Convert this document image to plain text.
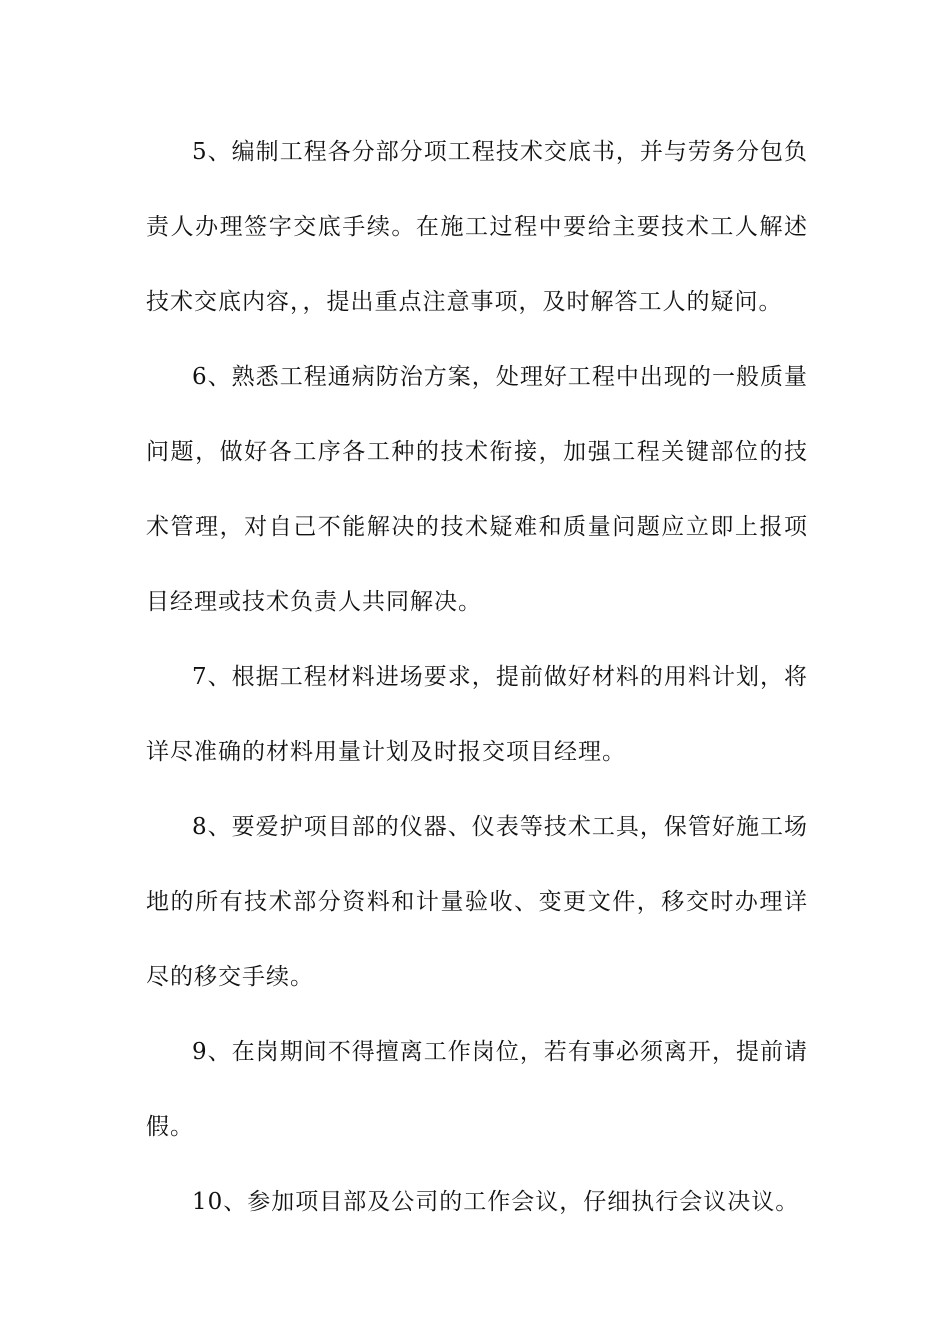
5、编制工程各分部分项工程技术交底书，并与劳务分包负责人办理签字交底手续。在施工过程中要给主要技术工人解述技术交底内容，，提出重点注意事项，及时解答工人的疑问。

6、熟悉工程通病防治方案，处理好工程中出现的一般质量问题，做好各工序各工种的技术衔接，加强工程关键部位的技术管理，对自己不能解决的技术疑难和质量问题应立即上报项目经理或技术负责人共同解决。

7、根据工程材料进场要求，提前做好材料的用料计划，将详尽准确的材料用量计划及时报交项目经理。

8、要爱护项目部的仪器、仪表等技术工具，保管好施工场地的所有技术部分资料和计量验收、变更文件，移交时办理详尽的移交手续。

9、在岗期间不得擅离工作岗位，若有事必须离开，提前请假。

10、参加项目部及公司的工作会议，仔细执行会议决议。
